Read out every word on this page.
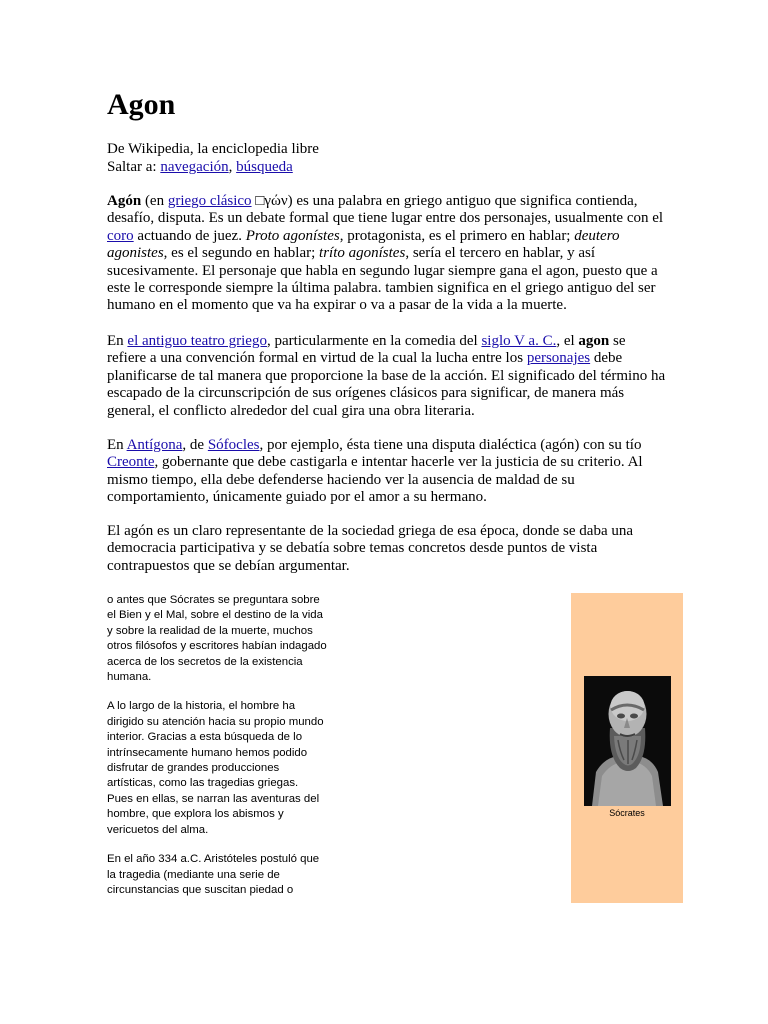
Agon
De Wikipedia, la enciclopedia libre
Saltar a: navegación, búsqueda
Agón (en griego clásico □γών) es una palabra en griego antiguo que significa contienda, desafío, disputa. Es un debate formal que tiene lugar entre dos personajes, usualmente con el coro actuando de juez. Proto agonístes, protagonista, es el primero en hablar; deutero agonistes, es el segundo en hablar; tríto agonístes, sería el tercero en hablar, y así sucesivamente. El personaje que habla en segundo lugar siempre gana el agon, puesto que a este le corresponde siempre la última palabra. tambien significa en el griego antiguo del ser humano en el momento que va ha expirar o va a pasar de la vida a la muerte.
En el antiguo teatro griego, particularmente en la comedia del siglo V a. C., el agon se refiere a una convención formal en virtud de la cual la lucha entre los personajes debe planificarse de tal manera que proporcione la base de la acción. El significado del término ha escapado de la circunscripción de sus orígenes clásicos para significar, de manera más general, el conflicto alrededor del cual gira una obra literaria.
En Antígona, de Sófocles, por ejemplo, ésta tiene una disputa dialéctica (agón) con su tío Creonte, gobernante que debe castigarla e intentar hacerle ver la justicia de su criterio. Al mismo tiempo, ella debe defenderse haciendo ver la ausencia de maldad de su comportamiento, únicamente guiado por el amor a su hermano.
El agón es un claro representante de la sociedad griega de esa época, donde se daba una democracia participativa y se debatía sobre temas concretos desde puntos de vista contrapuestos que se debían argumentar.

o antes que Sócrates se preguntara sobre el Bien y el Mal, sobre el destino de la vida y sobre la realidad de la muerte, muchos otros filósofos y escritores habían indagado acerca de los secretos de la existencia humana.

A lo largo de la historia, el hombre ha dirigido su atención hacia su propio mundo interior. Gracias a esta búsqueda de lo intrínsecamente humano hemos podido disfrutar de grandes producciones artísticas, como las tragedias griegas. Pues en ellas, se narran las aventuras del hombre, que explora los abismos y vericuetos del alma.

En el año 334 a.C. Aristóteles postuló que la tragedia (mediante una serie de circunstancias que suscitan piedad o

Sócrates
